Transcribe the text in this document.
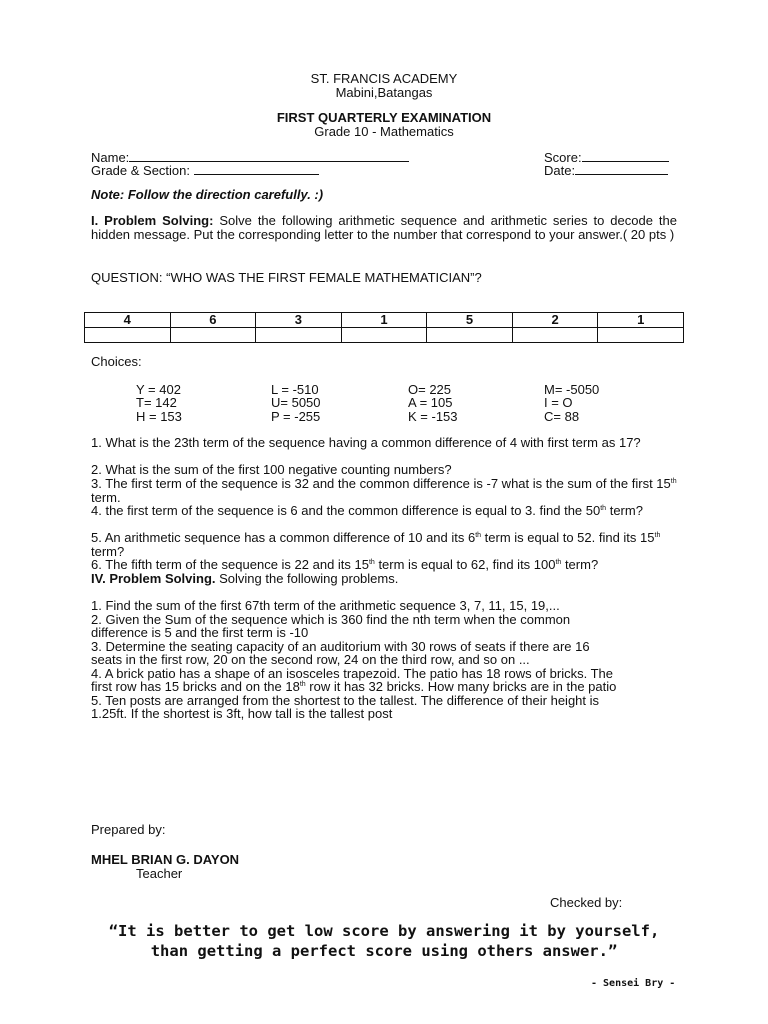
ST. FRANCIS ACADEMY
Mabini,Batangas
FIRST QUARTERLY EXAMINATION
Grade 10 - Mathematics
Name:
Grade & Section:
Score:
Date:
Note: Follow the direction carefully. :)
I. Problem Solving: Solve the following arithmetic sequence and arithmetic series to decode the hidden message. Put the corresponding letter to the number that correspond to your answer.( 20 pts )
QUESTION: “WHO WAS THE FIRST FEMALE MATHEMATICIAN”?
4	6	3	1	5	2	1

Choices:
Y = 402	L = -510	O= 225	M= -5050
T= 142	U= 5050	A = 105	I = O
H = 153	P = -255	K = -153	C= 88
1. What is the 23th term of the sequence having a common difference of 4 with first term as 17?
2. What is the sum of the first 100 negative counting numbers?
3. The first term of the sequence is 32 and the common difference is -7 what is the sum of the first 15th term.
4. the first term of the sequence is 6 and the common difference is equal to 3. find the 50th term?
5. An arithmetic sequence has a common difference of 10 and its 6th term is equal to 52. find its 15th term?
6. The fifth term of the sequence is 22 and its 15th term is equal to 62, find its 100th term?
IV. Problem Solving. Solving the following problems.
1. Find the sum of the first 67th term of the arithmetic sequence 3, 7, 11, 15, 19,...
2. Given the Sum of the sequence which is 360 find the nth term when the common
difference is 5 and the first term is -10
3. Determine the seating capacity of an auditorium with 30 rows of seats if there are 16
seats in the first row, 20 on the second row, 24 on the third row, and so on ...
4. A brick patio has a shape of an isosceles trapezoid. The patio has 18 rows of bricks. The
first row has 15 bricks and on the 18th row it has 32 bricks. How many bricks are in the patio
5. Ten posts are arranged from the shortest to the tallest. The difference of their height is
1.25ft. If the shortest is 3ft, how tall is the tallest post
Prepared by:
MHEL BRIAN G. DAYON
Teacher
Checked by:
“It is better to get low score by answering it by yourself, than getting a perfect score using others answer.”
- Sensei Bry -
